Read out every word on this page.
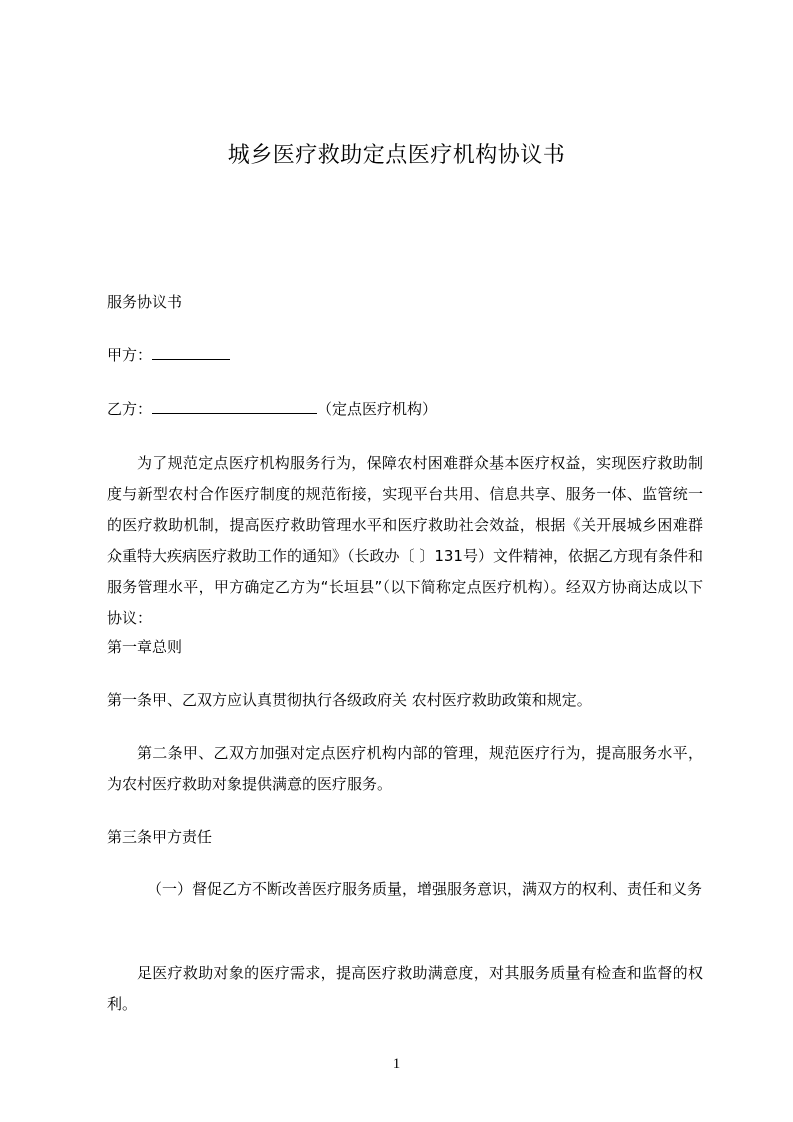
城乡医疗救助定点医疗机构协议书
服务协议书
甲方：
乙方：	（定点医疗机构）
为了规范定点医疗机构服务行为，保障农村困难群众基本医疗权益，实现医疗救助制度与新型农村合作医疗制度的规范衔接，实现平台共用、信息共享、服务一体、监管统一的医疗救助机制，提高医疗救助管理水平和医疗救助社会效益，根据《关开展城乡困难群众重特大疾病医疗救助工作的通知》（长政办〔 〕131号）文件精神，依据乙方现有条件和服务管理水平，甲方确定乙方为“长垣县”（以下简称定点医疗机构）。经双方协商达成以下协议：
第一章总则
第一条甲、乙双方应认真贯彻执行各级政府关 农村医疗救助政策和规定。
第二条甲、乙双方加强对定点医疗机构内部的管理，规范医疗行为，提高服务水平，为农村医疗救助对象提供满意的医疗服务。
第三条甲方责任
（一）督促乙方不断改善医疗服务质量，增强服务意识，满双方的权利、责任和义务
足医疗救助对象的医疗需求，提高医疗救助满意度，对其服务质量有检查和监督的权利。
1
